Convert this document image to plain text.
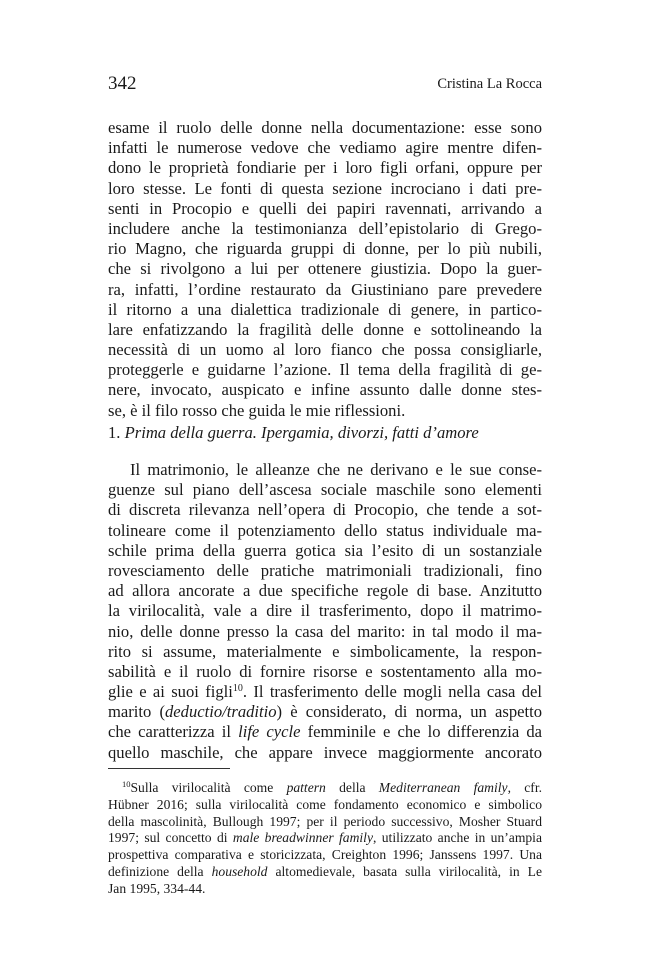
342	Cristina La Rocca
esame il ruolo delle donne nella documentazione: esse sono
infatti le numerose vedove che vediamo agire mentre difen-
dono le proprietà fondiarie per i loro figli orfani, oppure per
loro stesse. Le fonti di questa sezione incrociano i dati pre-
senti in Procopio e quelli dei papiri ravennati, arrivando a
includere anche la testimonianza dell’epistolario di Grego-
rio Magno, che riguarda gruppi di donne, per lo più nubili,
che si rivolgono a lui per ottenere giustizia. Dopo la guer-
ra, infatti, l’ordine restaurato da Giustiniano pare prevedere
il ritorno a una dialettica tradizionale di genere, in partico-
lare enfatizzando la fragilità delle donne e sottolineando la
necessità di un uomo al loro fianco che possa consigliarle,
proteggerle e guidarne l’azione. Il tema della fragilità di ge-
nere, invocato, auspicato e infine assunto dalle donne stes-
se, è il filo rosso che guida le mie riflessioni.
1. Prima della guerra. Ipergamia, divorzi, fatti d’amore
Il matrimonio, le alleanze che ne derivano e le sue conse-
guenze sul piano dell’ascesa sociale maschile sono elementi
di discreta rilevanza nell’opera di Procopio, che tende a sot-
tolineare come il potenziamento dello status individuale ma-
schile prima della guerra gotica sia l’esito di un sostanziale
rovesciamento delle pratiche matrimoniali tradizionali, fino
ad allora ancorate a due specifiche regole di base. Anzitutto
la virilocalità, vale a dire il trasferimento, dopo il matrimo-
nio, delle donne presso la casa del marito: in tal modo il ma-
rito si assume, materialmente e simbolicamente, la respon-
sabilità e il ruolo di fornire risorse e sostentamento alla mo-
glie e ai suoi figli$^{10}$. Il trasferimento delle mogli nella casa del
marito (deductio/traditio) è considerato, di norma, un aspetto
che caratterizza il life cycle femminile e che lo differenzia da
quello maschile, che appare invece maggiormente ancorato
$^{10}$Sulla virilocalità come pattern della Mediterranean family, cfr.
Hübner 2016; sulla virilocalità come fondamento economico e simbolico
della mascolinità, Bullough 1997; per il periodo successivo, Mosher Stuard
1997; sul concetto di male breadwinner family, utilizzato anche in un’ampia
prospettiva comparativa e storicizzata, Creighton 1996; Janssens 1997. Una
definizione della household altomedievale, basata sulla virilocalità, in Le
Jan 1995, 334-44.
